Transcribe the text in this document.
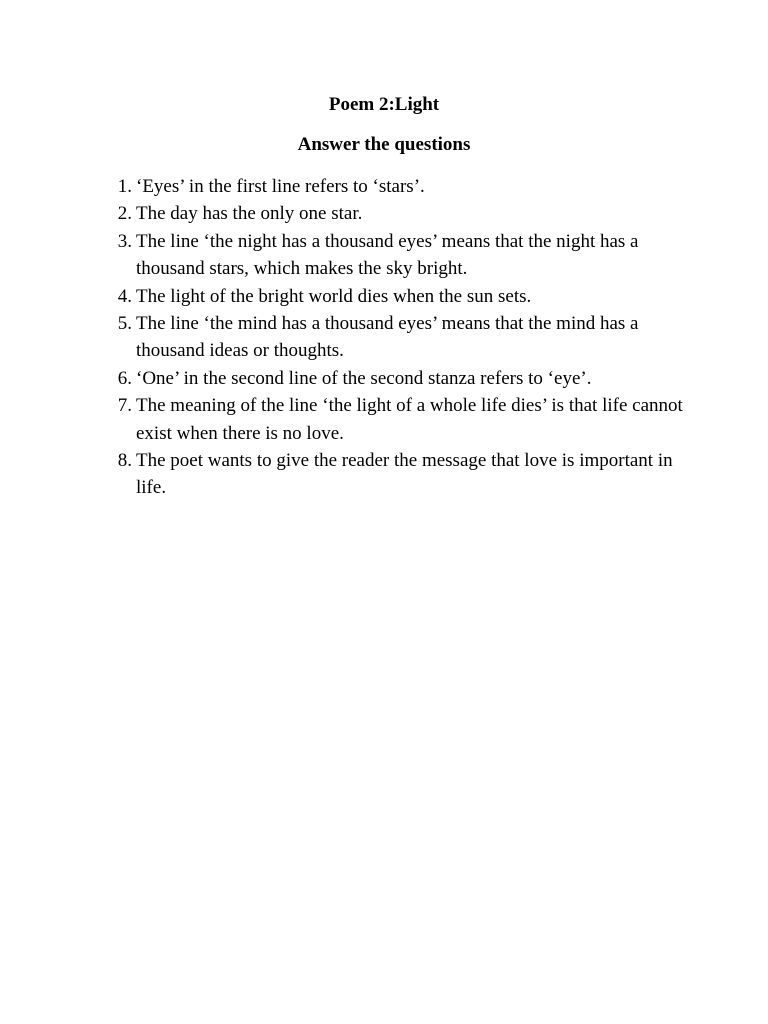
Poem 2:Light
Answer the questions
1. ‘Eyes’ in the first line refers to ‘stars’.
2. The day has the only one star.
3. The line ‘the night has a thousand eyes’ means that the night has a thousand stars, which makes the sky bright.
4. The light of the bright world dies when the sun sets.
5. The line ‘the mind has a thousand eyes’ means that the mind has a thousand ideas or thoughts.
6. ‘One’ in the second line of the second stanza refers to ‘eye’.
7. The meaning of the line ‘the light of a whole life dies’ is that life cannot exist when there is no love.
8. The poet wants to give the reader the message that love is important in life.
